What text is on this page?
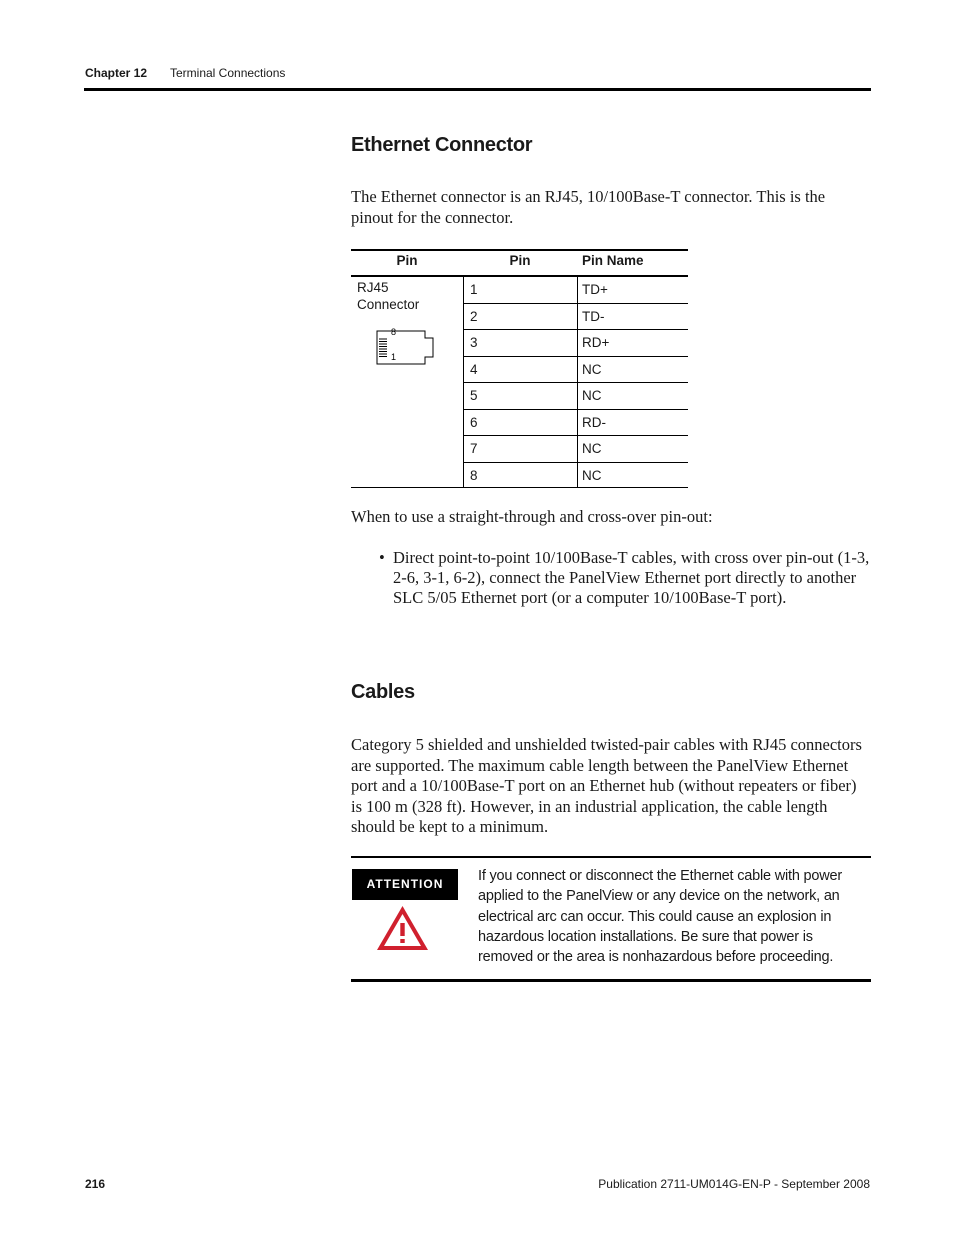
Chapter 12 Terminal Connections
Ethernet Connector
The Ethernet connector is an RJ45, 10/100Base-T connector. This is the pinout for the connector.
Pin	Pin	Pin Name
RJ45
Connector
8
1
1	TD+
2	TD-
3	RD+
4	NC
5	NC
6	RD-
7	NC
8	NC
When to use a straight-through and cross-over pin-out:
• Direct point-to-point 10/100Base-T cables, with cross over pin-out (1-3, 2-6, 3-1, 6-2), connect the PanelView Ethernet port directly to another SLC 5/05 Ethernet port (or a computer 10/100Base-T port).
Cables
Category 5 shielded and unshielded twisted-pair cables with RJ45 connectors are supported. The maximum cable length between the PanelView Ethernet port and a 10/100Base-T port on an Ethernet hub (without repeaters or fiber) is 100 m (328 ft). However, in an industrial application, the cable length should be kept to a minimum.
ATTENTION	If you connect or disconnect the Ethernet cable with power applied to the PanelView or any device on the network, an electrical arc can occur. This could cause an explosion in hazardous location installations. Be sure that power is removed or the area is nonhazardous before proceeding.
216	Publication 2711-UM014G-EN-P - September 2008
